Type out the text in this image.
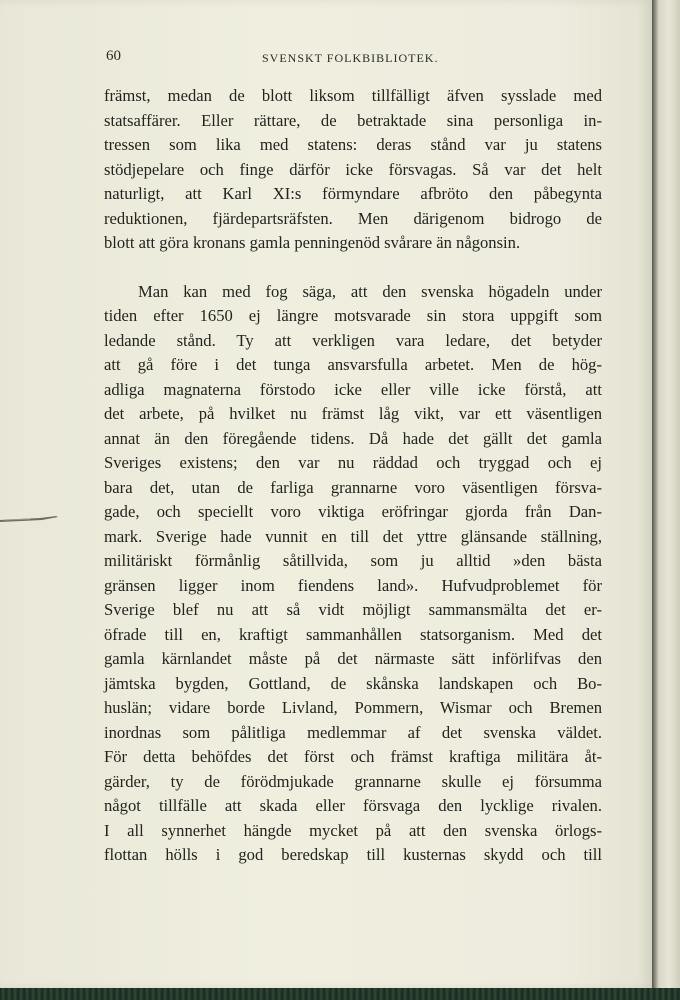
60	SVENSKT FOLKBIBLIOTEK.
främst, medan de blott liksom tillfälligt äfven sysslade med
statsaffärer. Eller rättare, de betraktade sina personliga in-
tressen som lika med statens: deras stånd var ju statens
stödjepelare och finge därför icke försvagas. Så var det helt
naturligt, att Karl XI:s förmyndare afbröto den påbegynta
reduktionen, fjärdepartsräfsten. Men därigenom bidrogo de
blott att göra kronans gamla penningenöd svårare än någonsin.
Man kan med fog säga, att den svenska högadeln under
tiden efter 1650 ej längre motsvarade sin stora uppgift som
ledande stånd. Ty att verkligen vara ledare, det betyder
att gå före i det tunga ansvarsfulla arbetet. Men de hög-
adliga magnaterna förstodo icke eller ville icke förstå, att
det arbete, på hvilket nu främst låg vikt, var ett väsentligen
annat än den föregående tidens. Då hade det gällt det gamla
Sveriges existens; den var nu räddad och tryggad och ej
bara det, utan de farliga grannarne voro väsentligen försva-
gade, och speciellt voro viktiga eröfringar gjorda från Dan-
mark. Sverige hade vunnit en till det yttre glänsande ställning,
militäriskt förmånlig såtillvida, som ju alltid »den bästa
gränsen ligger inom fiendens land». Hufvudproblemet för
Sverige blef nu att så vidt möjligt sammansmälta det er-
öfrade till en, kraftigt sammanhållen statsorganism. Med det
gamla kärnlandet måste på det närmaste sätt införlifvas den
jämtska bygden, Gottland, de skånska landskapen och Bo-
huslän; vidare borde Livland, Pommern, Wismar och Bremen
inordnas som pålitliga medlemmar af det svenska väldet.
För detta behöfdes det först och främst kraftiga militära åt-
gärder, ty de förödmjukade grannarne skulle ej försumma
något tillfälle att skada eller försvaga den lycklige rivalen.
I all synnerhet hängde mycket på att den svenska örlogs-
flottan hölls i god beredskap till kusternas skydd och till
